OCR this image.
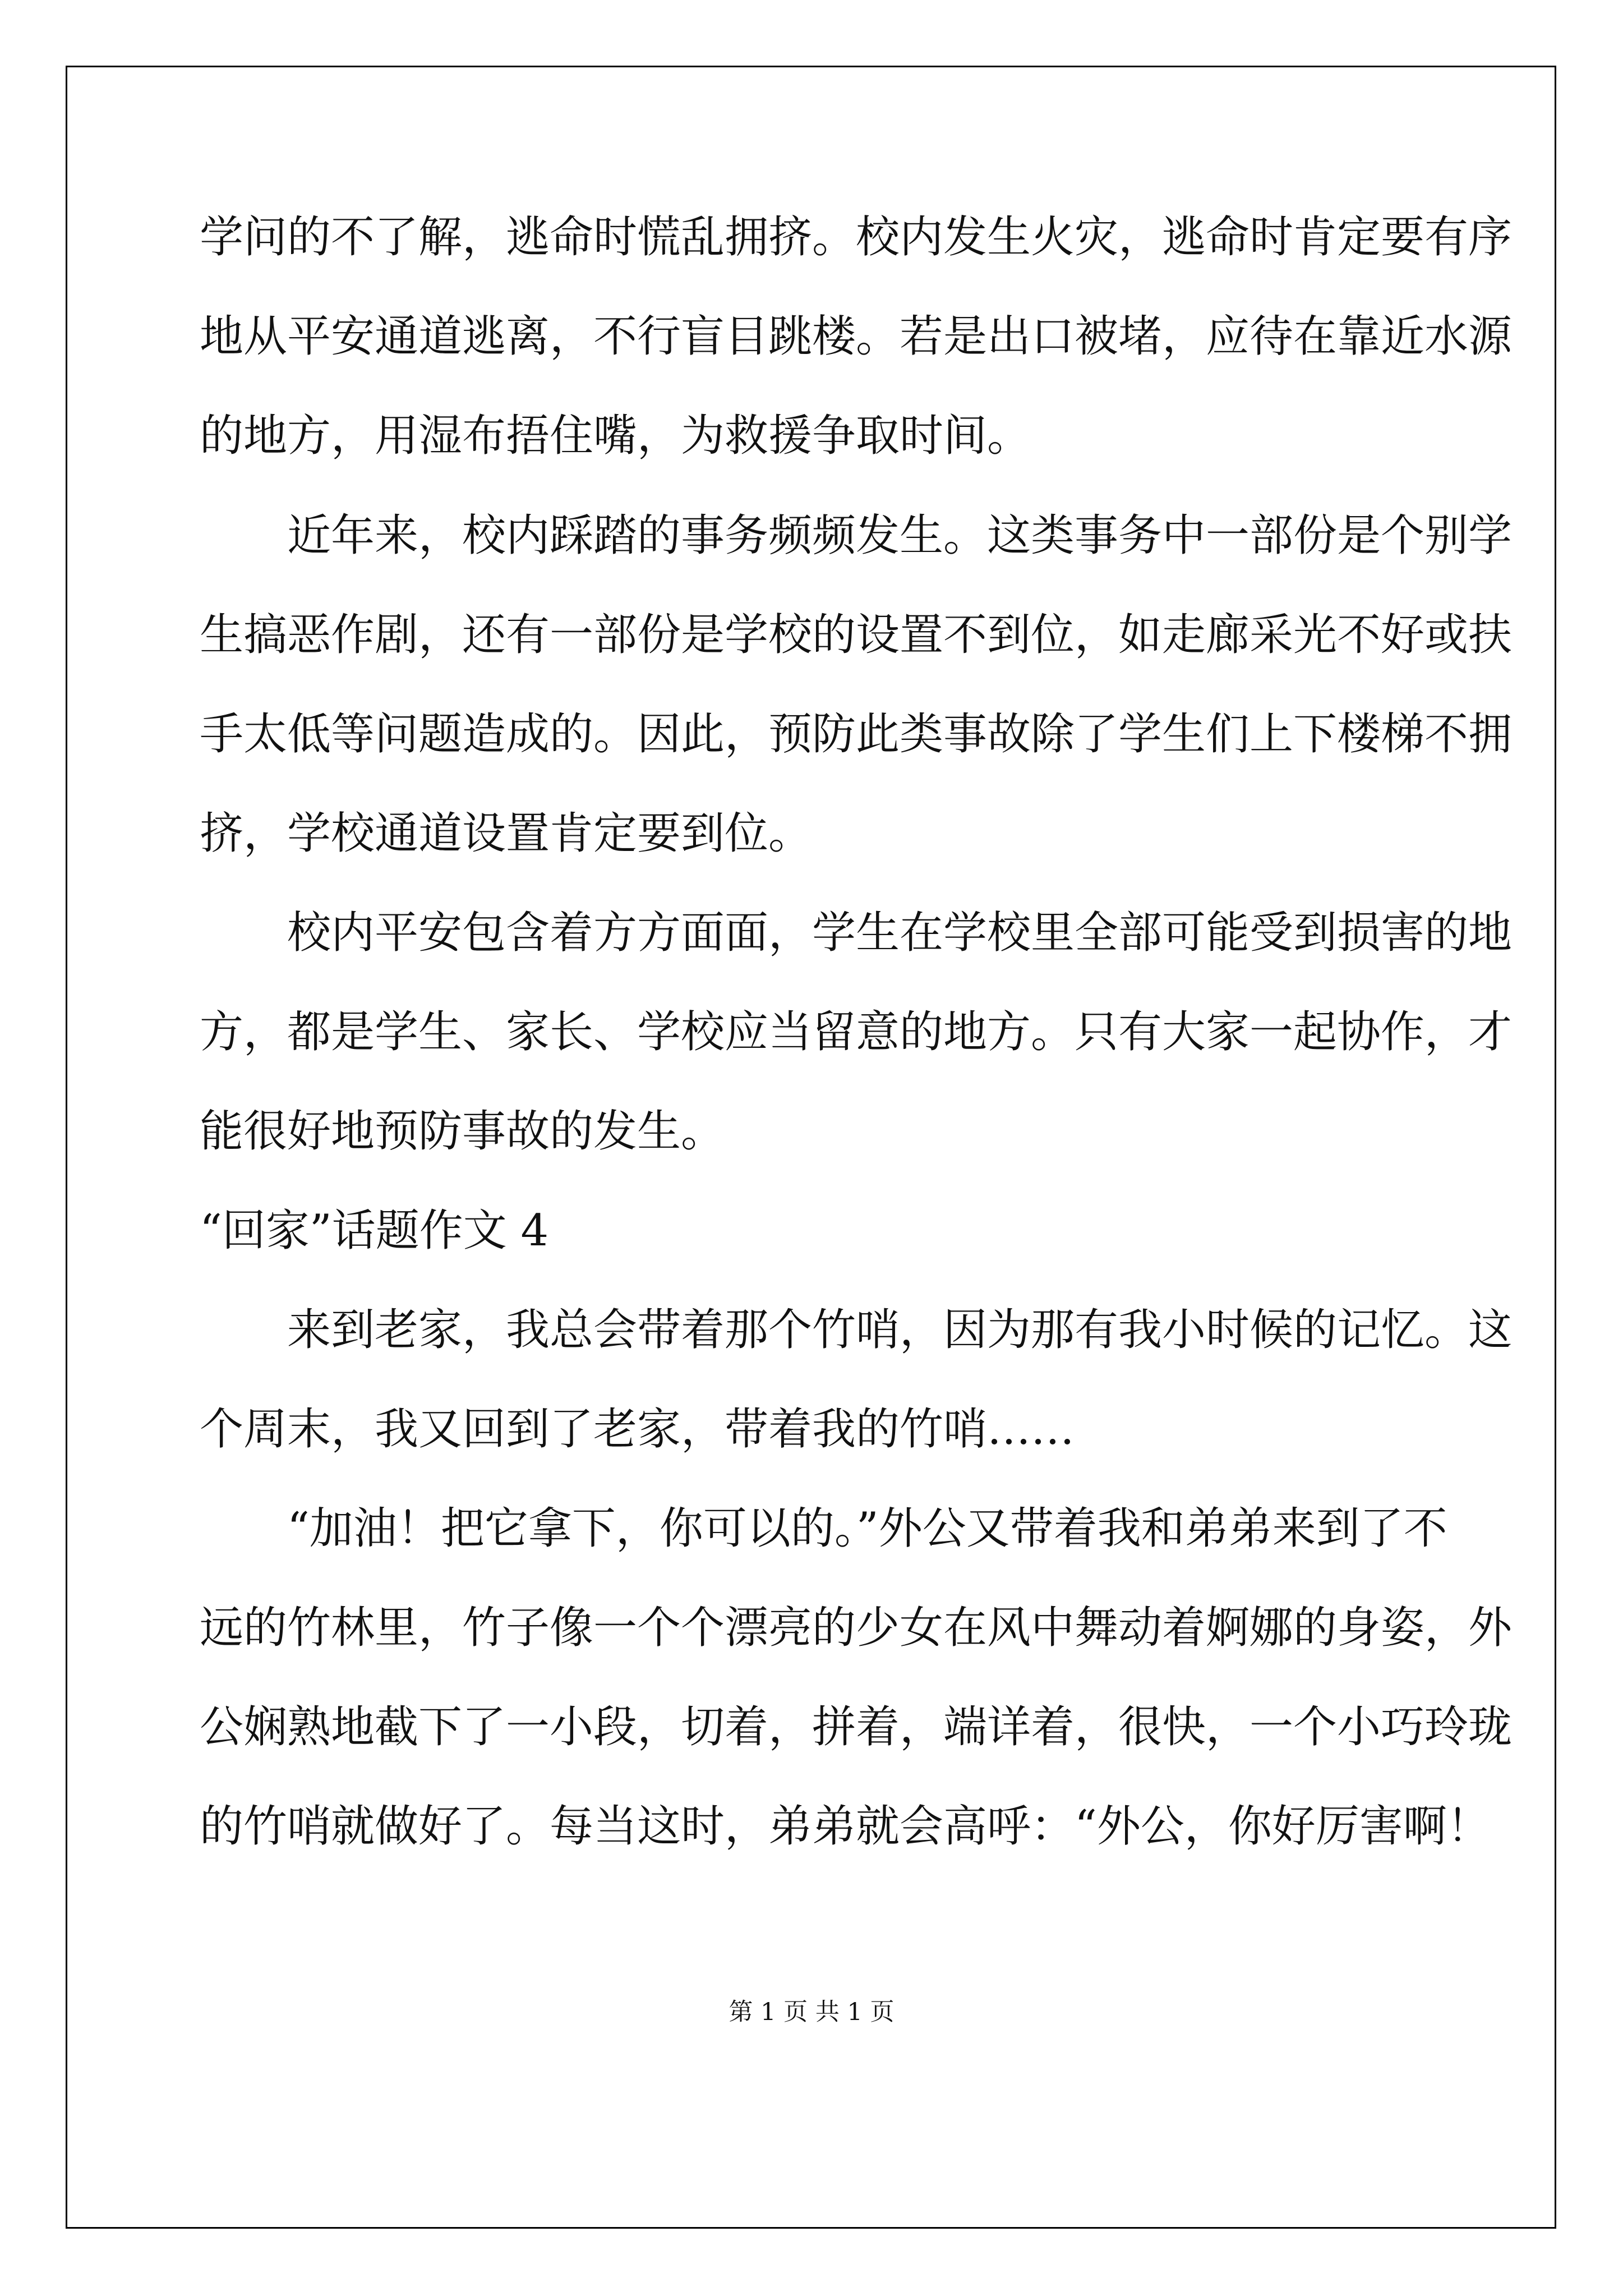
学问的不了解，逃命时慌乱拥挤。校内发生火灾，逃命时肯定要有序
地从平安通道逃离，不行盲目跳楼。若是出口被堵，应待在靠近水源
的地方，用湿布捂住嘴，为救援争取时间。
近年来，校内踩踏的事务频频发生。这类事务中一部份是个别学
生搞恶作剧，还有一部份是学校的设置不到位，如走廊采光不好或扶
手太低等问题造成的。因此，预防此类事故除了学生们上下楼梯不拥
挤，学校通道设置肯定要到位。
校内平安包含着方方面面，学生在学校里全部可能受到损害的地
方，都是学生、家长、学校应当留意的地方。只有大家一起协作，才
能很好地预防事故的发生。
“回家”话题作文 4
来到老家，我总会带着那个竹哨，因为那有我小时候的记忆。这
个周末，我又回到了老家，带着我的竹哨……
“加油！把它拿下，你可以的。”外公又带着我和弟弟来到了不
远的竹林里，竹子像一个个漂亮的少女在风中舞动着婀娜的身姿，外
公娴熟地截下了一小段，切着，拼着，端详着，很快，一个小巧玲珑
的竹哨就做好了。每当这时，弟弟就会高呼：“外公，你好厉害啊！
第 1 页 共 1 页
